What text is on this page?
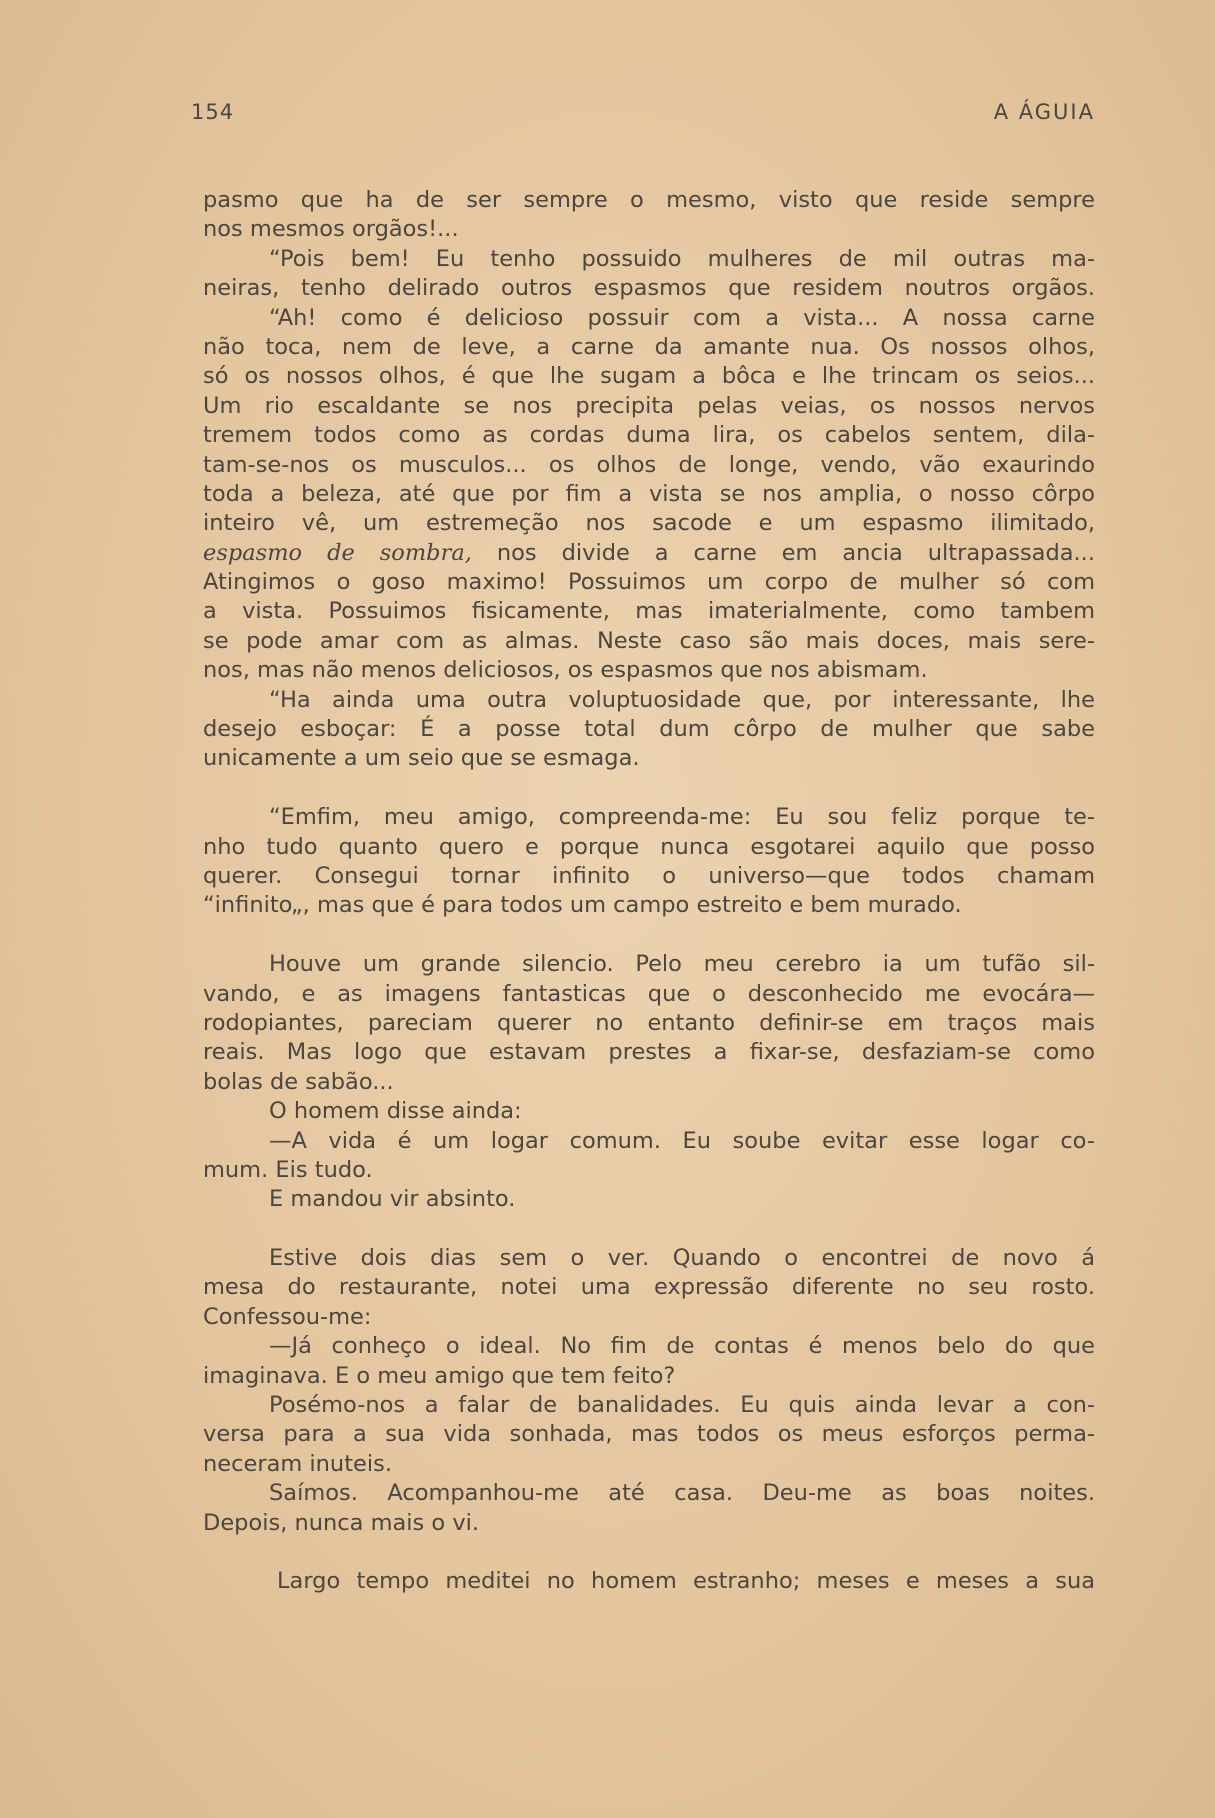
154	A ÁGUIA
pasmo que ha de ser sempre o mesmo, visto que reside sempre
nos mesmos orgãos!...
“Pois bem! Eu tenho possuido mulheres de mil outras ma-
neiras, tenho delirado outros espasmos que residem noutros orgãos.
“Ah! como é delicioso possuir com a vista... A nossa carne
não toca, nem de leve, a carne da amante nua. Os nossos olhos,
só os nossos olhos, é que lhe sugam a bôca e lhe trincam os seios...
Um rio escaldante se nos precipita pelas veias, os nossos nervos
tremem todos como as cordas duma lira, os cabelos sentem, dila-
tam-se-nos os musculos... os olhos de longe, vendo, vão exaurindo
toda a beleza, até que por fim a vista se nos amplia, o nosso côrpo
inteiro vê, um estremeção nos sacode e um espasmo ilimitado,
espasmo de sombra, nos divide a carne em ancia ultrapassada...
Atingimos o goso maximo! Possuimos um corpo de mulher só com
a vista. Possuimos fisicamente, mas imaterialmente, como tambem
se pode amar com as almas. Neste caso são mais doces, mais sere-
nos, mas não menos deliciosos, os espasmos que nos abismam.
“Ha ainda uma outra voluptuosidade que, por interessante, lhe
desejo esboçar: É a posse total dum côrpo de mulher que sabe
unicamente a um seio que se esmaga.
“Emfim, meu amigo, compreenda-me: Eu sou feliz porque te-
nho tudo quanto quero e porque nunca esgotarei aquilo que posso
querer. Consegui tornar infinito o universo—que todos chamam
“infinito„, mas que é para todos um campo estreito e bem murado.
Houve um grande silencio. Pelo meu cerebro ia um tufão sil-
vando, e as imagens fantasticas que o desconhecido me evocára—
rodopiantes, pareciam querer no entanto definir-se em traços mais
reais. Mas logo que estavam prestes a fixar-se, desfaziam-se como
bolas de sabão...
O homem disse ainda:
—A vida é um logar comum. Eu soube evitar esse logar co-
mum. Eis tudo.
E mandou vir absinto.
Estive dois dias sem o ver. Quando o encontrei de novo á
mesa do restaurante, notei uma expressão diferente no seu rosto.
Confessou-me:
—Já conheço o ideal. No fim de contas é menos belo do que
imaginava. E o meu amigo que tem feito?
Posémo-nos a falar de banalidades. Eu quis ainda levar a con-
versa para a sua vida sonhada, mas todos os meus esforços perma-
neceram inuteis.
Saímos. Acompanhou-me até casa. Deu-me as boas noites.
Depois, nunca mais o vi.
Largo tempo meditei no homem estranho; meses e meses a sua
